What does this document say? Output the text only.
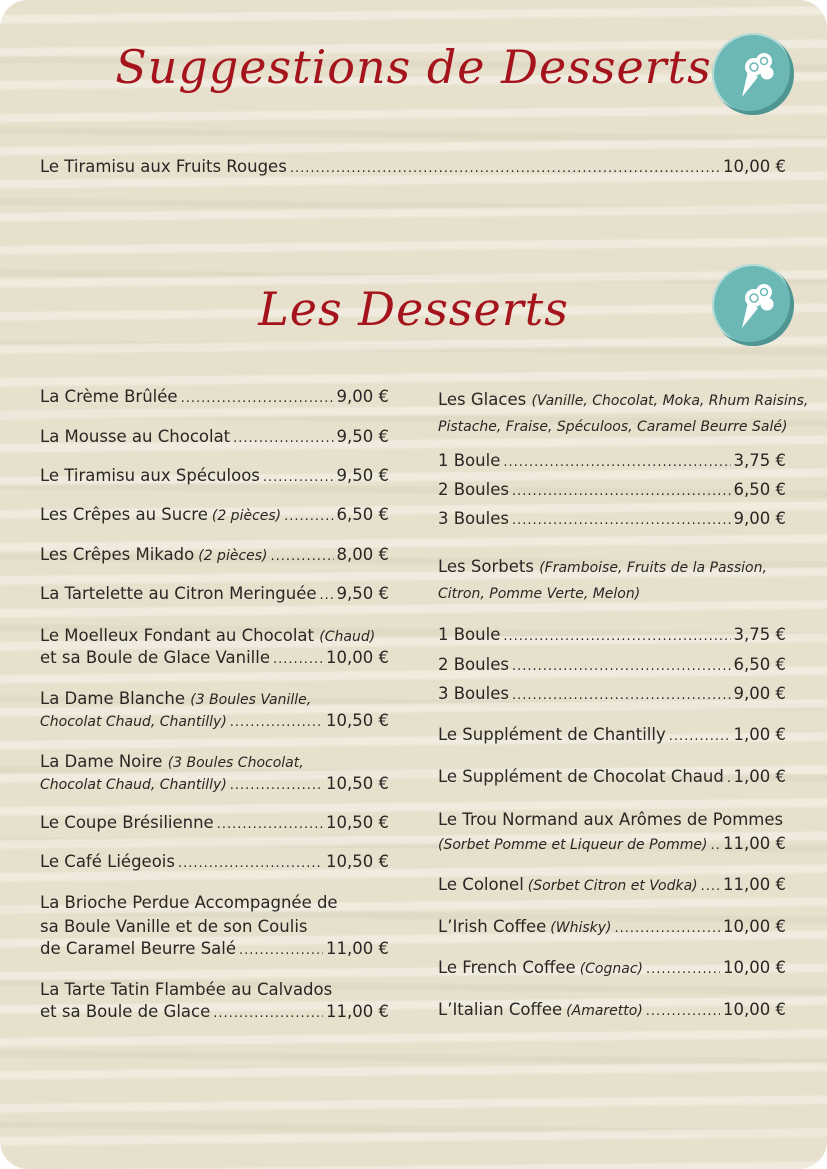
Suggestions de Desserts
Le Tiramisu aux Fruits Rouges .....	10,00 €
Les Desserts
La Crème Brûlée .....	9,00 €
La Mousse au Chocolat .....	9,50 €
Le Tiramisu aux Spéculoos .....	9,50 €
Les Crêpes au Sucre (2 pièces) .....	6,50 €
Les Crêpes Mikado (2 pièces) .....	8,00 €
La Tartelette au Citron Meringuée ..... 9,50 €
Le Moelleux Fondant au Chocolat (Chaud)
et sa Boule de Glace Vanille .....	10,00 €
La Dame Blanche (3 Boules Vanille,
Chocolat Chaud, Chantilly) .....	10,50 €
La Dame Noire (3 Boules Chocolat,
Chocolat Chaud, Chantilly) .....	10,50 €
Le Coupe Brésilienne .....	10,50 €
Le Café Liégeois .....	10,50 €
La Brioche Perdue Accompagnée de
sa Boule Vanille et de son Coulis
de Caramel Beurre Salé .....	11,00 €
La Tarte Tatin Flambée au Calvados
et sa Boule de Glace .....	11,00 €
Les Glaces (Vanille, Chocolat, Moka, Rhum Raisins,
Pistache, Fraise, Spéculoos, Caramel Beurre Salé)
1 Boule .....	3,75 €
2 Boules .....	6,50 €
3 Boules .....	9,00 €
Les Sorbets (Framboise, Fruits de la Passion,
Citron, Pomme Verte, Melon)
1 Boule .....	3,75 €
2 Boules .....	6,50 €
3 Boules .....	9,00 €
Le Supplément de Chantilly .....	1,00 €
Le Supplément de Chocolat Chaud ..... 1,00 €
Le Trou Normand aux Arômes de Pommes
(Sorbet Pomme et Liqueur de Pomme) ..... 11,00 €
Le Colonel (Sorbet Citron et Vodka) ..... 11,00 €
L’Irish Coffee (Whisky) .....	10,00 €
Le French Coffee (Cognac) .....	10,00 €
L’Italian Coffee (Amaretto) .....	10,00 €
